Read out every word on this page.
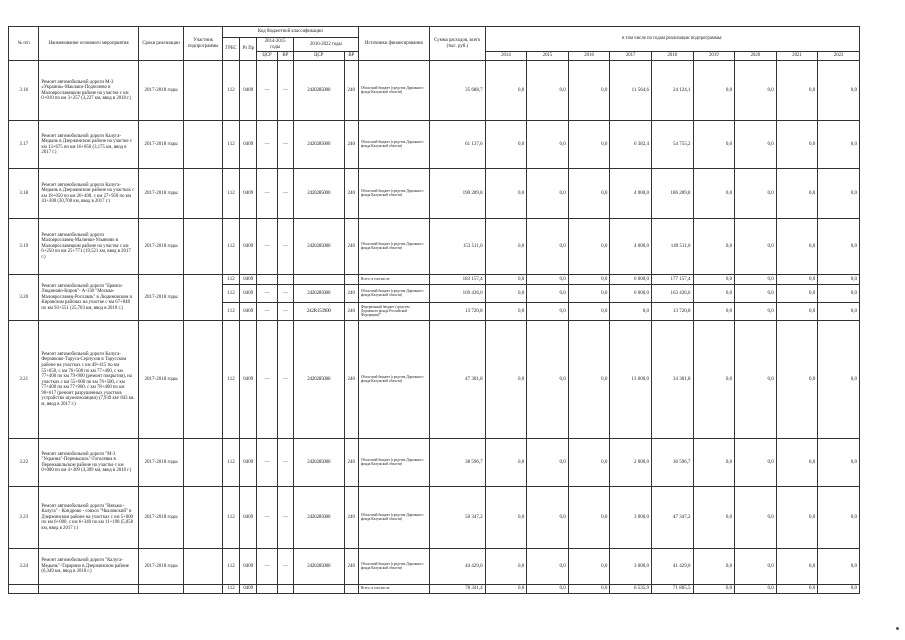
№ п/п	Наименование основного мероприятия	Сроки реализации	Участник подпрограммы	Код бюджетной классификации						Источники финансирования	Сумма расходов, всего (тыс. руб.)	в том числе по годам реализации подпрограммы:								
				ГРБС	Рз Пр	2014-2015 годы		2016-2022 годы												
						ЦСР	ВР	ЦСР	ВР			2014	2015	2016	2017	2018	2019	2020	2021	2022
3.16	Ремонт автомобильной дороги М-3 «Украина»-Маклаки-Подполево в Малоярославецком районе на участке с км 0+010 по км 3+257 (3,227 км, ввод в 2018 г.)	2017-2018 годы		112	0409	—	—	2420285000	240	Областной бюджет (средства Дорожного фонда Калужской области)	35 688,7	0,0	0,0	0,0	11 564,6	24 124,1	0,0	0,0	0,0	0,0
3.17	Ремонт автомобильной дороги Калуга-Медынь в Дзержинском районе на участке с км 13+675 по км 16+850 (3,175 км, ввод в 2017 г.)	2017-2018 годы		112	0409	—	—	2420285000	240	Областной бюджет (средства Дорожного фонда Калужской области)	61 137,6	0,0	0,0	0,0	6 382,4	54 755,2	0,0	0,0	0,0	0,0
3.18	Ремонт автомобильной дороги Калуга-Медынь в Дзержинском районе на участках с км 18+050 по км 26+400, с км 27+950 по км 43+300 (30,700 км, ввод в 2017 г.)	2017-2018 годы		112	0409	—	—	2420285000	240	Областной бюджет (средства Дорожного фонда Калужской области)	190 289,8	0,0	0,0	0,0	4 000,0	186 289,8	0,0	0,0	0,0	0,0
3.19	Ремонт автомобильной дороги Малоярославец-Малинки-Ульяново в Малоярославецком районе на участке с км 6+250 по км 25+771 (19,521 км, ввод в 2017 г.)	2017-2018 годы		112	0409	—	—	2420285000	240	Областной бюджет (средства Дорожного фонда Калужской области)	153 511,0	0,0	0,0	0,0	4 000,0	149 511,0	0,0	0,0	0,0	0,0
3.20	Ремонт автомобильной дороги "Брянск-Людиново-Киров"- А-130 "Москва-Малоярославец-Рославль" в Людиновском и Кировском районах на участке с км 67+848 по км 93+551 (25,703 км, ввод в 2018 г.)	2017-2018 годы		112	0409					Всего, в том числе:	183 157,4	0,0	0,0	0,0	6 000,0	177 157,4	0,0	0,0	0,0	0,0
				112	0409	—	—	2420285000	240	Областной бюджет (средства Дорожного фонда Калужской области)	169 436,6	0,0	0,0	0,0	6 000,0	163 436,6	0,0	0,0	0,0	0,0
				112	0409	—	—	242R153900	240	Федеральный бюджет (средства Дорожного фонда Российской Федерации)*	13 720,8	0,0	0,0	0,0	0,0	13 720,8	0,0	0,0	0,0	0,0
3.21	Ремонт автомобильной дороги Калуга-Ферзиково-Таруса-Серпухов в Тарусском районе на участках с км 49+415 по км 55+650, с км 76+500 по км 77+400, с км 77+400 по км 79+900 (ремонт покрытия), на участках с км 55+600 по км 76+500, с км 77+400 по км 77+900, с км 78+400 по км 90+617 (ремонт разрушенных участков устройство шумоизоляции) (7,939 км/ 843 кв. м, ввод в 2017 г.)	2017-2018 годы		112	0409	—	—	2420285000	240	Областной бюджет (средства Дорожного фонда Калужской области)	47 301,8	0,0	0,0	0,0	13 000,0	34 301,8	0,0	0,0	0,0	0,0
3.22	Ремонт автомобильной дороги "М-3 "Украина"-Перемышль"-Гоголевка в Перемышльском районе на участке с км 0+000 по км 4+309 (4,309 км, ввод в 2018 г.)	2017-2018 годы		112	0409	—	—	2420285000	240	Областной бюджет (средства Дорожного фонда Калужской области)	38 596,7	0,0	0,0	0,0	2 000,0	36 596,7	0,0	0,0	0,0	0,0
3.23	Ремонт автомобильной дороги "Вязьма - Калуга" - Кондрово - совхоз "Чкаловский" в Дзержинском районе на участках с км 5+000 по км 6+000, с км 6+340 по км 11+198 (5,858 км, ввод в 2017 г.)	2017-2018 годы		112	0409	—	—	2420285000	240	Областной бюджет (средства Дорожного фонда Калужской области)	50 347,2	0,0	0,0	0,0	3 000,0	47 347,2	0,0	0,0	0,0	0,0
3.24	Ремонт автомобильной дороги "Калуга-Медынь"-Тарарино в Дзержинском районе (6,349 км, ввод в 2018 г.)	2017-2018 годы		112	0409	—	—	2420285000	240	Областной бюджет (средства Дорожного фонда Калужской области)	44 429,0	0,0	0,0	0,0	3 000,0	41 429,0	0,0	0,0	0,0	0,0
				112	0409					Всего, в том числе:	78 341,4	0,0	0,0	0,0	6 535,9	71 805,5	0,0	0,0	0,0	0,0
